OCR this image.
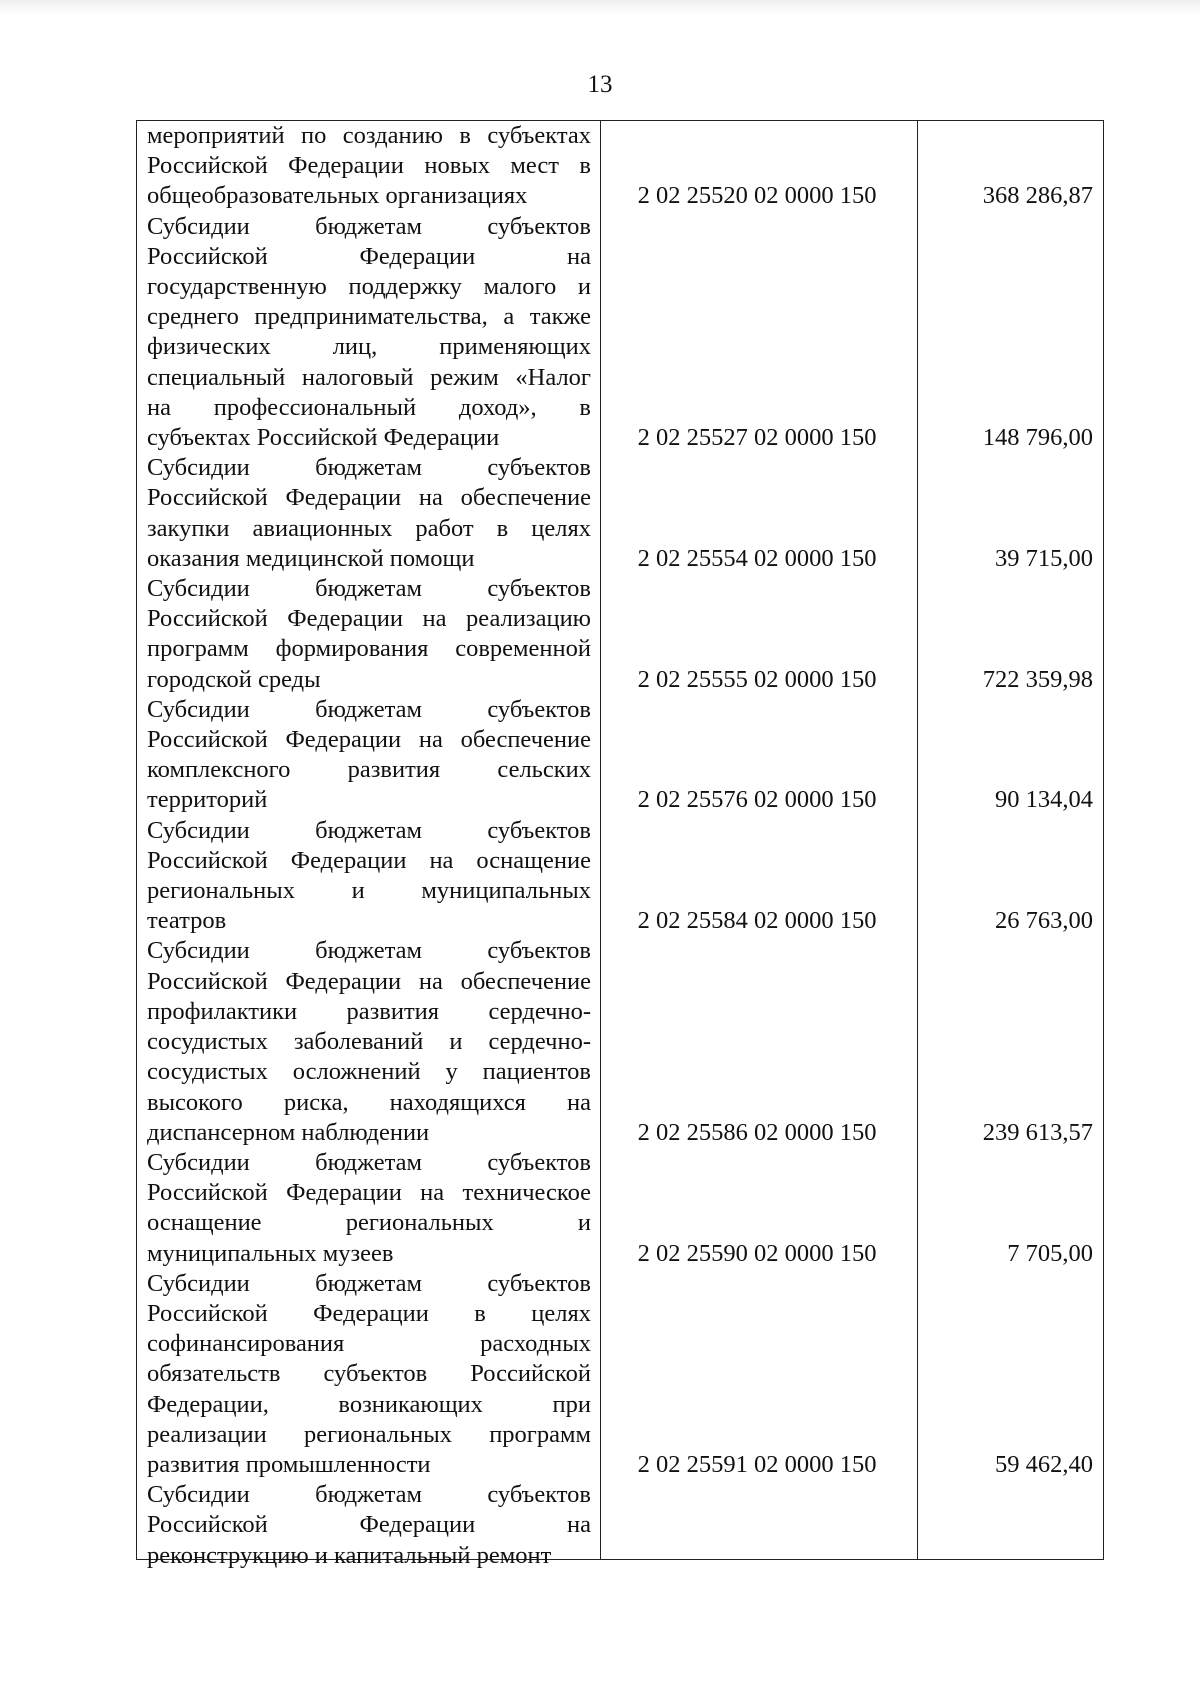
13
мероприятий по созданию в субъектах
Российской Федерации новых мест в
общеобразовательных организациях	2 02 25520 02 0000 150	368 286,87
Субсидии бюджетам субъектов
Российской Федерации на
государственную поддержку малого и
среднего предпринимательства, а также
физических лиц, применяющих
специальный налоговый режим «Налог
на профессиональный доход», в
субъектах Российской Федерации	2 02 25527 02 0000 150	148 796,00
Субсидии бюджетам субъектов
Российской Федерации на обеспечение
закупки авиационных работ в целях
оказания медицинской помощи	2 02 25554 02 0000 150	39 715,00
Субсидии бюджетам субъектов
Российской Федерации на реализацию
программ формирования современной
городской среды	2 02 25555 02 0000 150	722 359,98
Субсидии бюджетам субъектов
Российской Федерации на обеспечение
комплексного развития сельских
территорий	2 02 25576 02 0000 150	90 134,04
Субсидии бюджетам субъектов
Российской Федерации на оснащение
региональных и муниципальных
театров	2 02 25584 02 0000 150	26 763,00
Субсидии бюджетам субъектов
Российской Федерации на обеспечение
профилактики развития сердечно-
сосудистых заболеваний и сердечно-
сосудистых осложнений у пациентов
высокого риска, находящихся на
диспансерном наблюдении	2 02 25586 02 0000 150	239 613,57
Субсидии бюджетам субъектов
Российской Федерации на техническое
оснащение региональных и
муниципальных музеев	2 02 25590 02 0000 150	7 705,00
Субсидии бюджетам субъектов
Российской Федерации в целях
софинансирования расходных
обязательств субъектов Российской
Федерации, возникающих при
реализации региональных программ
развития промышленности	2 02 25591 02 0000 150	59 462,40
Субсидии бюджетам субъектов
Российской Федерации на
реконструкцию и капитальный ремонт
